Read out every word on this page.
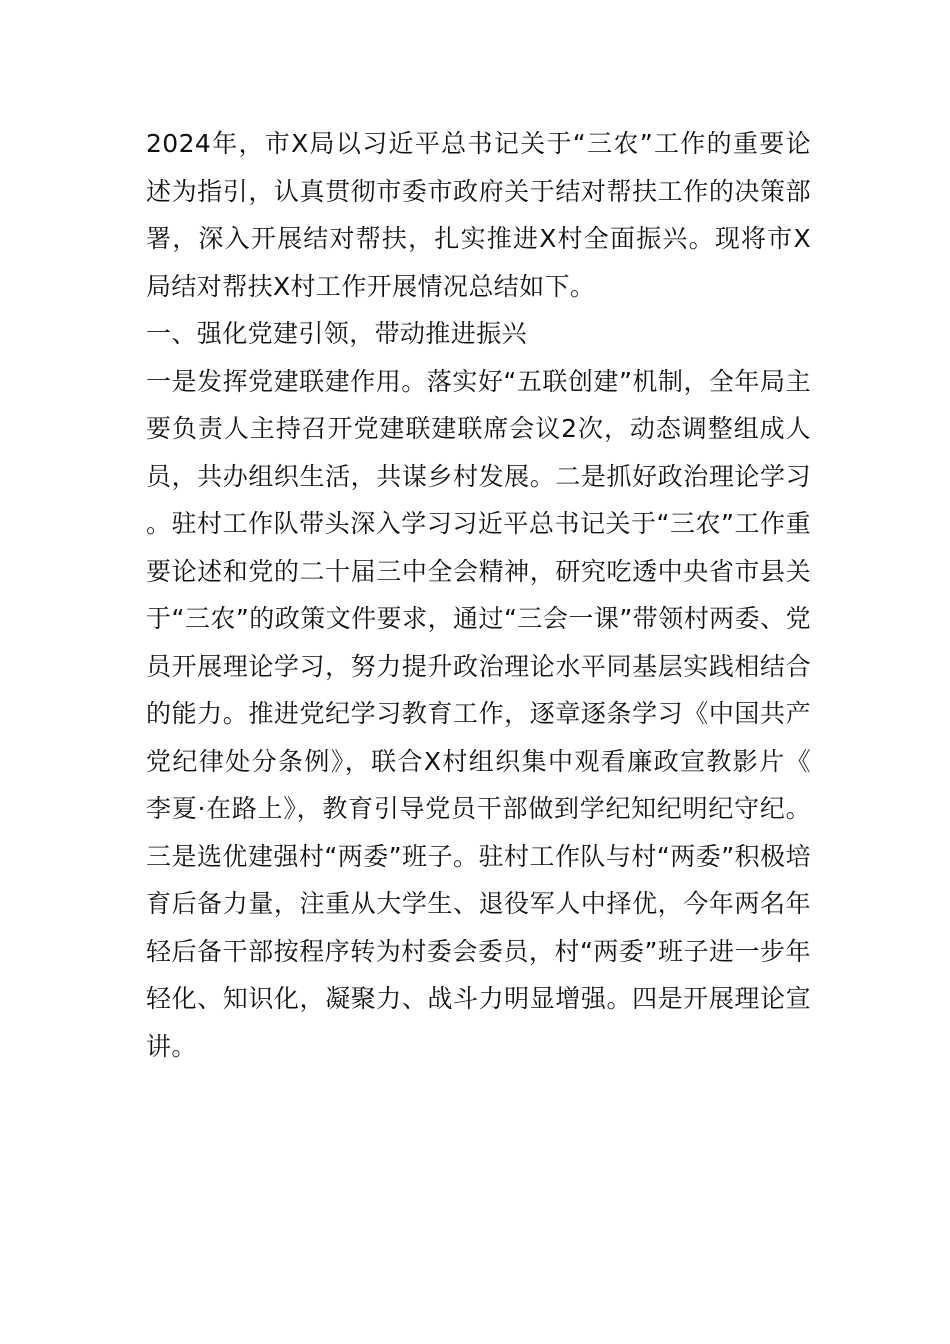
2024年，市X局以习近平总书记关于“三农”工作的重要论述为指引，认真贯彻市委市政府关于结对帮扶工作的决策部署，深入开展结对帮扶，扎实推进X村全面振兴。现将市X局结对帮扶X村工作开展情况总结如下。

一、强化党建引领，带动推进振兴

一是发挥党建联建作用。落实好“五联创建”机制，全年局主要负责人主持召开党建联建联席会议2次，动态调整组成人员，共办组织生活，共谋乡村发展。二是抓好政治理论学习。驻村工作队带头深入学习习近平总书记关于“三农”工作重要论述和党的二十届三中全会精神，研究吃透中央省市县关于“三农”的政策文件要求，通过“三会一课”带领村两委、党员开展理论学习，努力提升政治理论水平同基层实践相结合的能力。推进党纪学习教育工作，逐章逐条学习《中国共产党纪律处分条例》，联合X村组织集中观看廉政宣教影片《李夏·在路上》，教育引导党员干部做到学纪知纪明纪守纪。三是选优建强村“两委”班子。驻村工作队与村“两委”积极培育后备力量，注重从大学生、退役军人中择优，今年两名年轻后备干部按程序转为村委会委员，村“两委”班子进一步年轻化、知识化，凝聚力、战斗力明显增强。四是开展理论宣讲。
